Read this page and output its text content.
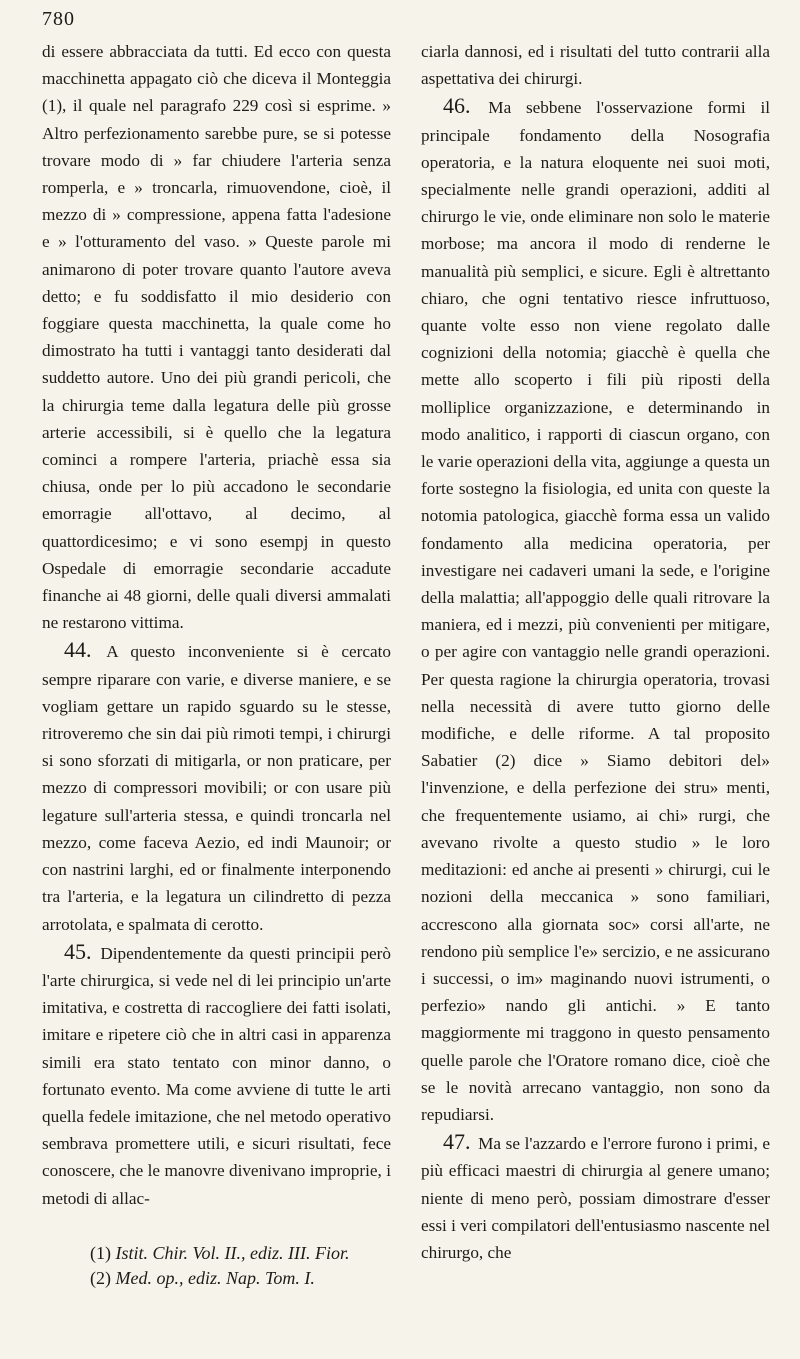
780

di essere abbracciata da tutti. Ed ecco con questa macchinetta appagato ciò che diceva il Monteggia (1), il quale nel paragrafo 229 così si esprime. » Altro perfezionamento sarebbe pure, se si potesse trovare modo di » far chiudere l'arteria senza romperla, e » troncarla, rimuovendone, cioè, il mezzo di » compressione, appena fatta l'adesione e » l'otturamento del vaso. » Queste parole mi animarono di poter trovare quanto l'autore aveva detto; e fu soddisfatto il mio desiderio con foggiare questa macchinetta, la quale come ho dimostrato ha tutti i vantaggi tanto desiderati dal suddetto autore. Uno dei più grandi pericoli, che la chirurgia teme dalla legatura delle più grosse arterie accessibili, si è quello che la legatura cominci a rompere l'arteria, priachè essa sia chiusa, onde per lo più accadono le secondarie emorragie all'ottavo, al decimo, al quattordicesimo; e vi sono esempj in questo Ospedale di emorragie secondarie accadute finanche ai 48 giorni, delle quali diversi ammalati ne restarono vittima.

44. A questo inconveniente si è cercato sempre riparare con varie, e diverse maniere, e se vogliam gettare un rapido sguardo su le stesse, ritroveremo che sin dai più rimoti tempi, i chirurgi si sono sforzati di mitigarla, or non praticare, per mezzo di compressori movibili; or con usare più legature sull'arteria stessa, e quindi troncarla nel mezzo, come faceva Aezio, ed indi Maunoir; or con nastrini larghi, ed or finalmente interponendo tra l'arteria, e la legatura un cilindretto di pezza arrotolata, e spalmata di cerotto.

45. Dipendentemente da questi principii però l'arte chirurgica, si vede nel di lei principio un'arte imitativa, e costretta di raccogliere dei fatti isolati, imitare e ripetere ciò che in altri casi in apparenza simili era stato tentato con minor danno, o fortunato evento. Ma come avviene di tutte le arti quella fedele imitazione, che nel metodo operativo sembrava promettere utili, e sicuri risultati, fece conoscere, che le manovre divenivano improprie, i metodi di allac-

ciarla dannosi, ed i risultati del tutto contrarii alla aspettativa dei chirurgi.

46. Ma sebbene l'osservazione formi il principale fondamento della Nosografia operatoria, e la natura eloquente nei suoi moti, specialmente nelle grandi operazioni, additi al chirurgo le vie, onde eliminare non solo le materie morbose; ma ancora il modo di renderne le manualità più semplici, e sicure. Egli è altrettanto chiaro, che ogni tentativo riesce infruttuoso, quante volte esso non viene regolato dalle cognizioni della notomia; giacchè è quella che mette allo scoperto i fili più riposti della molliplice organizzazione, e determinando in modo analitico, i rapporti di ciascun organo, con le varie operazioni della vita, aggiunge a questa un forte sostegno la fisiologia, ed unita con queste la notomia patologica, giacchè forma essa un valido fondamento alla medicina operatoria, per investigare nei cadaveri umani la sede, e l'origine della malattia; all'appoggio delle quali ritrovare la maniera, ed i mezzi, più convenienti per mitigare, o per agire con vantaggio nelle grandi operazioni. Per questa ragione la chirurgia operatoria, trovasi nella necessità di avere tutto giorno delle modifiche, e delle riforme. A tal proposito Sabatier (2) dice » Siamo debitori del» l'invenzione, e della perfezione dei stru» menti, che frequentemente usiamo, ai chi» rurgi, che avevano rivolte a questo studio » le loro meditazioni: ed anche ai presenti » chirurgi, cui le nozioni della meccanica » sono familiari, accrescono alla giornata soc» corsi all'arte, ne rendono più semplice l'e» sercizio, e ne assicurano i successi, o im» maginando nuovi istrumenti, o perfezio» nando gli antichi. » E tanto maggiormente mi traggono in questo pensamento quelle parole che l'Oratore romano dice, cioè che se le novità arrecano vantaggio, non sono da repudiarsi.

47. Ma se l'azzardo e l'errore furono i primi, e più efficaci maestri di chirurgia al genere umano; niente di meno però, possiam dimostrare d'esser essi i veri compilatori dell'entusiasmo nascente nel chirurgo, che

(1) Istit. Chir. Vol. II., ediz. III. Fior.

(2) Med. op., ediz. Nap. Tom. I.
